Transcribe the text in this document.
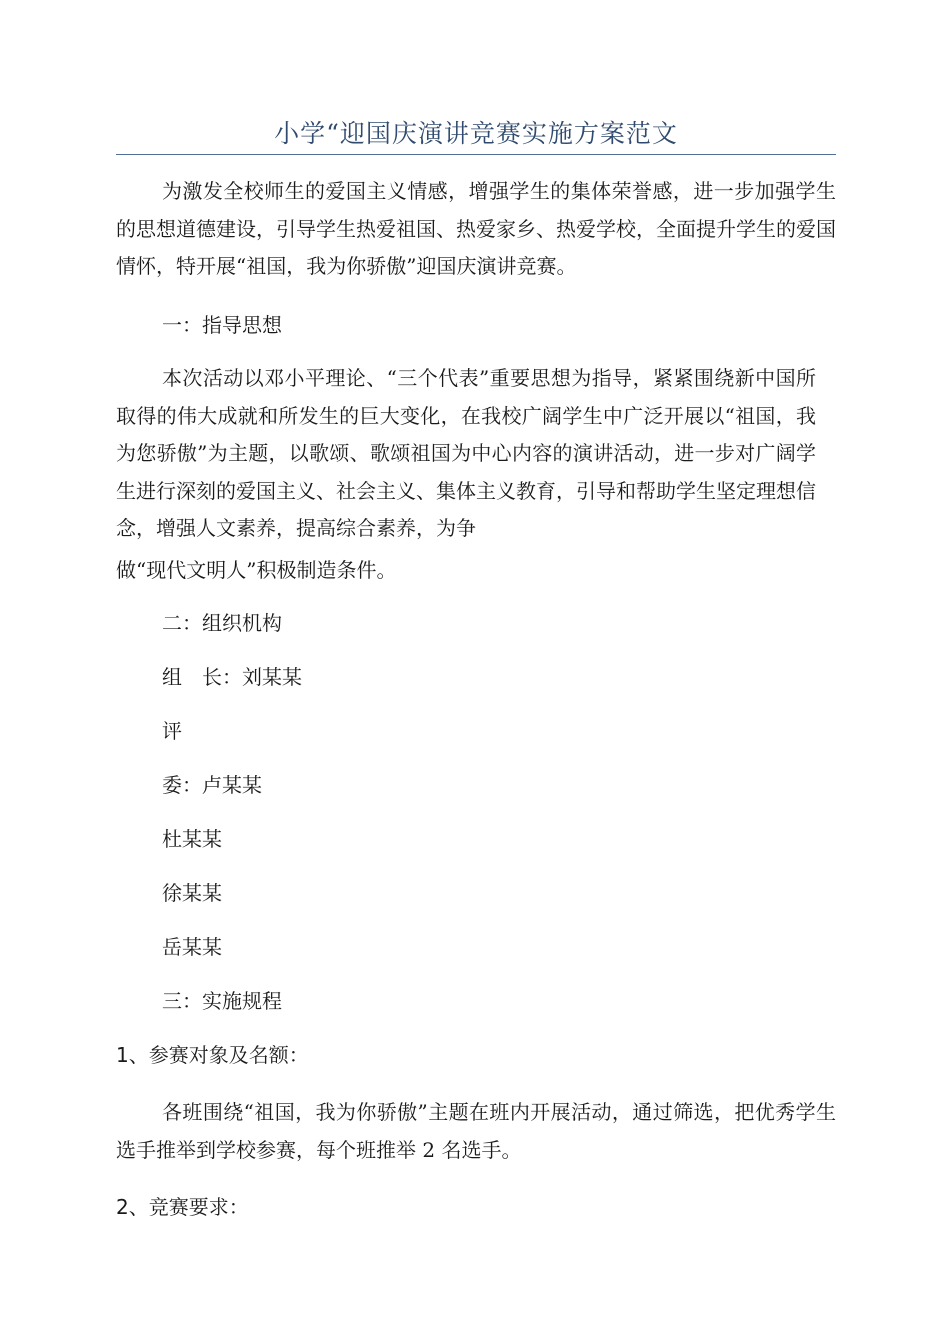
小学“迎国庆演讲竞赛实施方案范文

为激发全校师生的爱国主义情感，增强学生的集体荣誉感，进一步加强学生的思想道德建设，引导学生热爱祖国、热爱家乡、热爱学校，全面提升学生的爱国情怀，特开展“祖国，我为你骄傲”迎国庆演讲竞赛。

一：指导思想

本次活动以邓小平理论、“三个代表”重要思想为指导，紧紧围绕新中国所取得的伟大成就和所发生的巨大变化，在我校广阔学生中广泛开展以“祖国，我为您骄傲”为主题，以歌颂、歌颂祖国为中心内容的演讲活动，进一步对广阔学生进行深刻的爱国主义、社会主义、集体主义教育，引导和帮助学生坚定理想信念，增强人文素养，提高综合素养，为争

做“现代文明人”积极制造条件。
二：组织机构
组　长：刘某某
评
委：卢某某
杜某某
徐某某
岳某某
三：实施规程
1、参赛对象及名额：

各班围绕“祖国，我为你骄傲”主题在班内开展活动，通过筛选，把优秀学生选手推举到学校参赛，每个班推举 2 名选手。

2、竞赛要求：
